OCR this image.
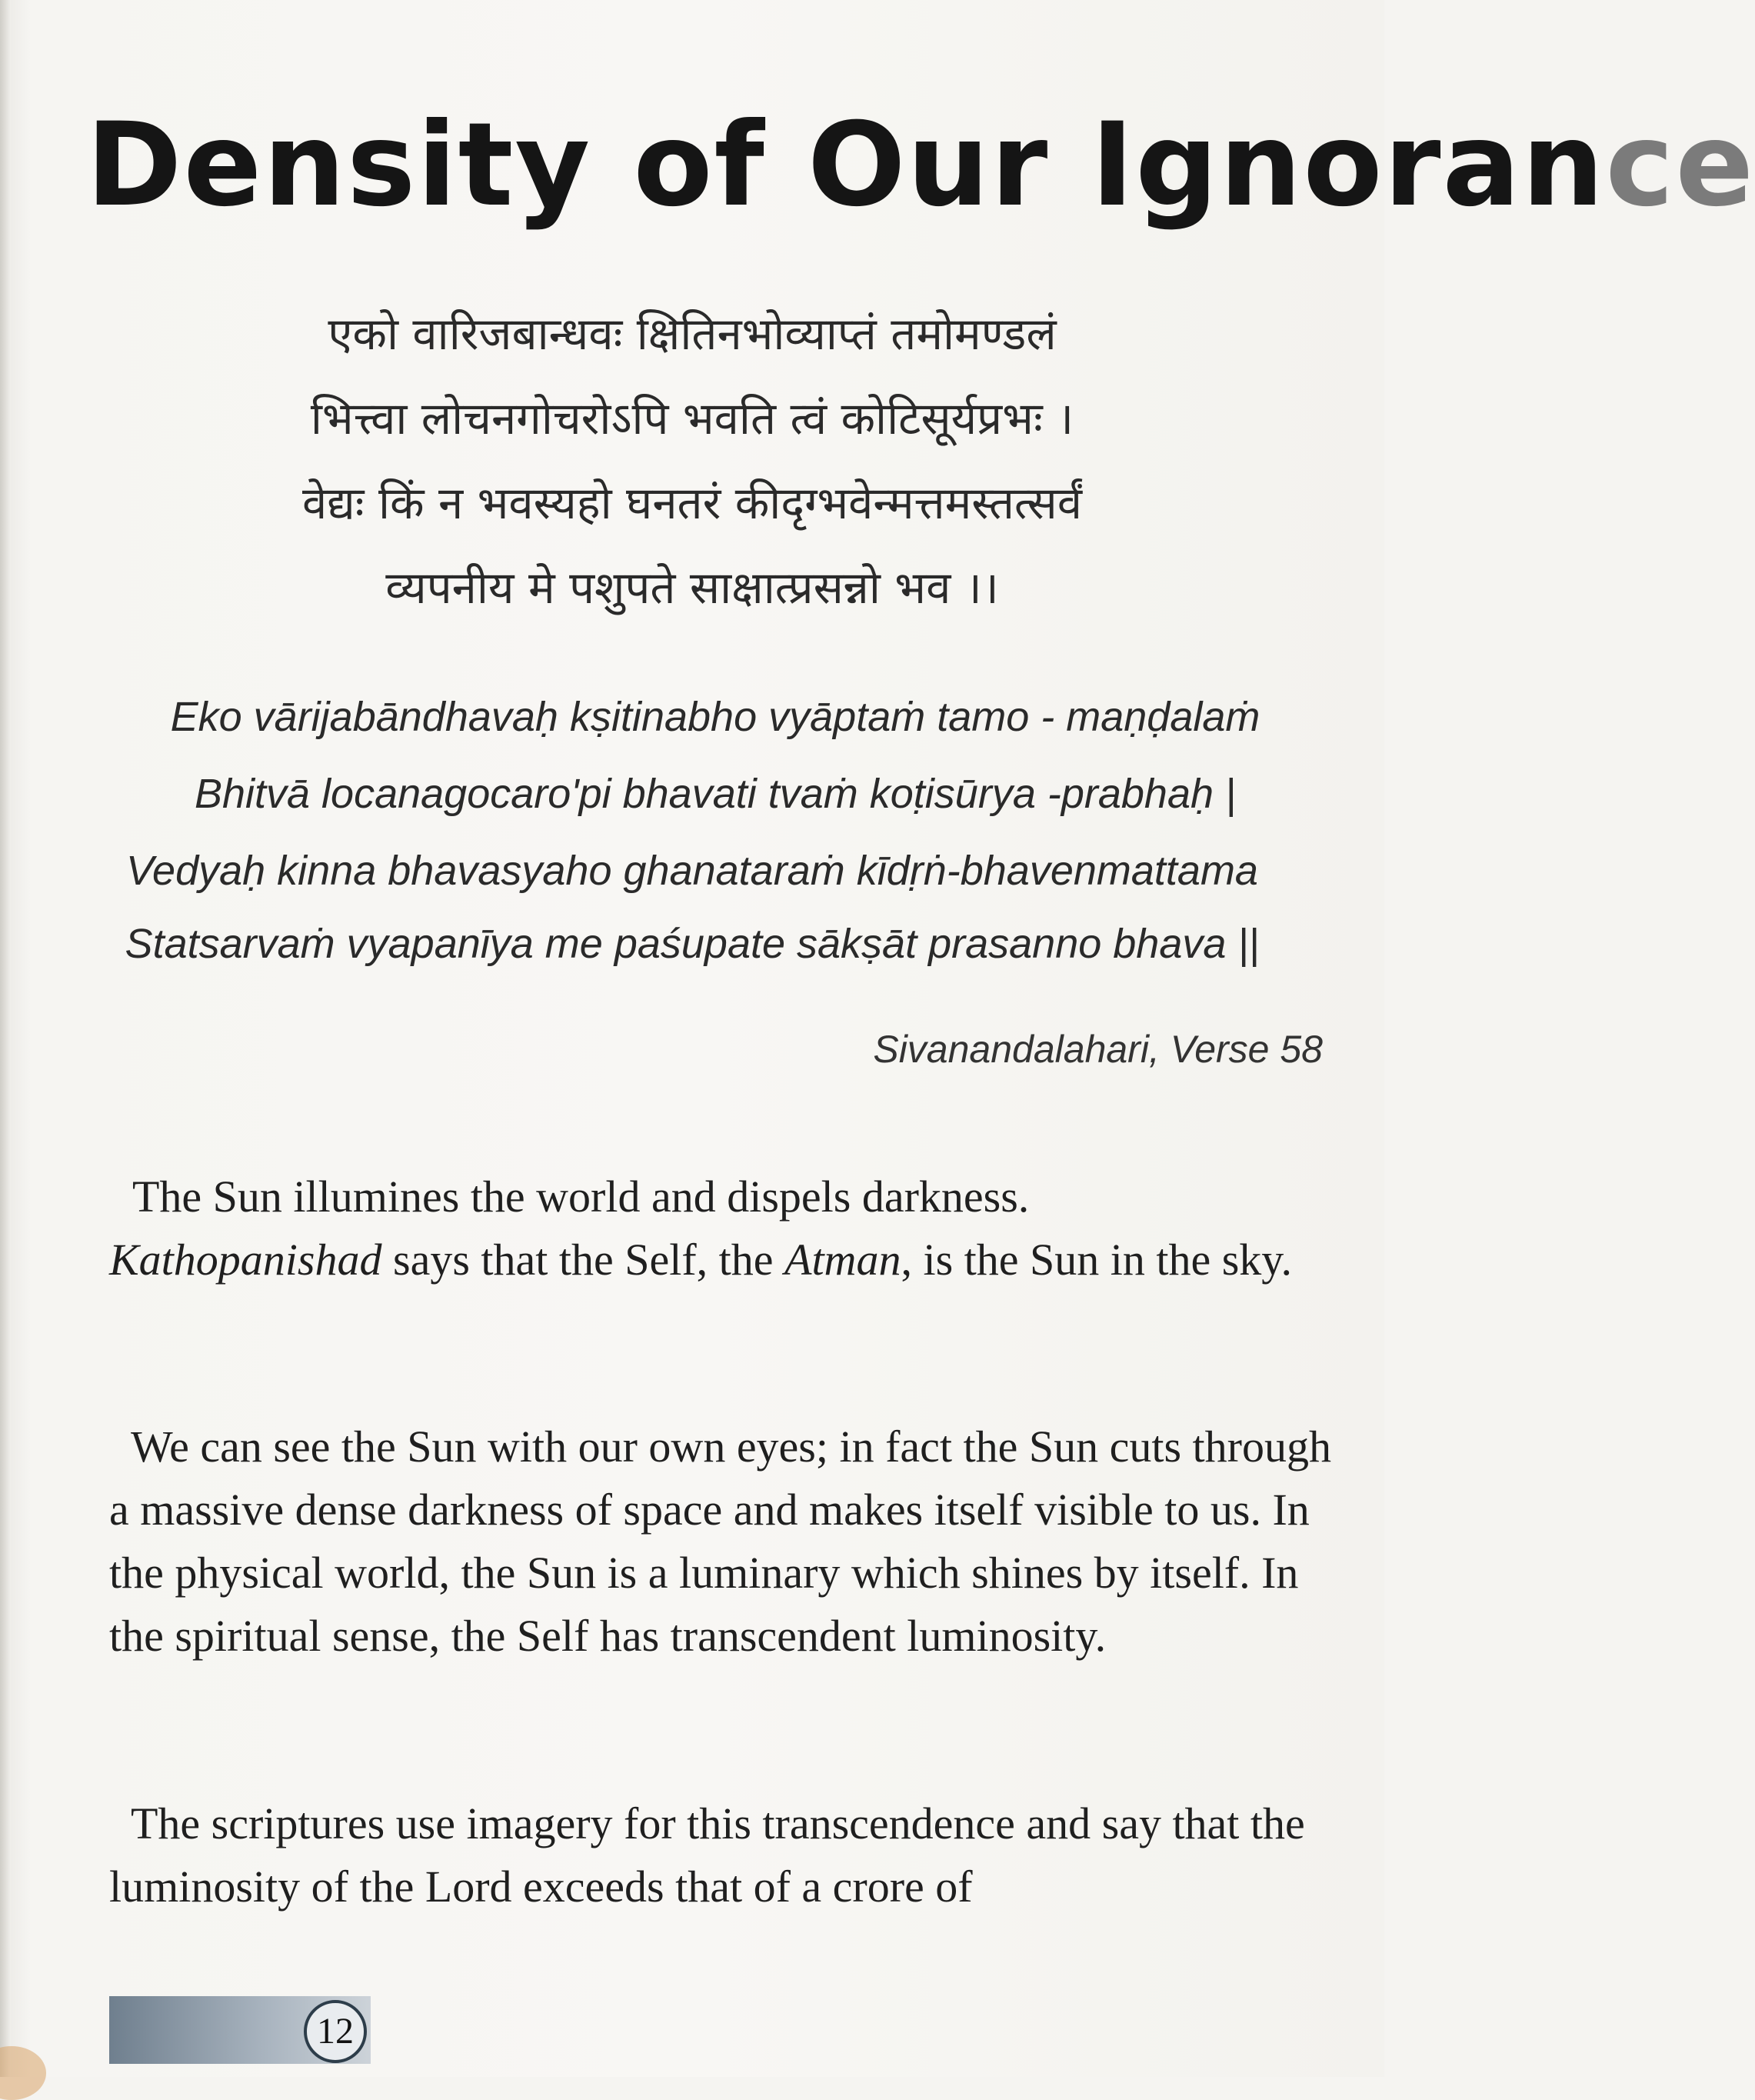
Density of Our Ignorance
एको वारिजबान्धवः क्षितिनभोव्याप्तं तमोमण्डलं
भित्त्वा लोचनगोचरोऽपि भवति त्वं कोटिसूर्यप्रभः ।
वेद्यः किं न भवस्यहो घनतरं कीदृग्भवेन्मत्तमस्तत्सर्वं
व्यपनीय मे पशुपते साक्षात्प्रसन्नो भव ।।
Eko vārijabāndhavaḥ kṣitinabho vyāptaṁ tamo - maṇḍalaṁ
Bhitvā locanagocaro'pi bhavati tvaṁ koṭisūrya -prabhaḥ |
Vedyaḥ kinna bhavasyaho ghanataraṁ kīdṛṅ-bhavenmattama
Statsarvaṁ vyapanīya me paśupate sākṣāt prasanno bhava ||
Sivanandalahari, Verse 58

The Sun illumines the world and dispels darkness.
Kathopanishad says that the Self, the Atman, is the Sun in the sky.

We can see the Sun with our own eyes; in fact the Sun cuts through a massive dense darkness of space and makes itself visible to us. In the physical world, the Sun is a luminary which shines by itself. In the spiritual sense, the Self has transcendent luminosity.

The scriptures use imagery for this transcendence and say that the luminosity of the Lord exceeds that of a crore of

12
